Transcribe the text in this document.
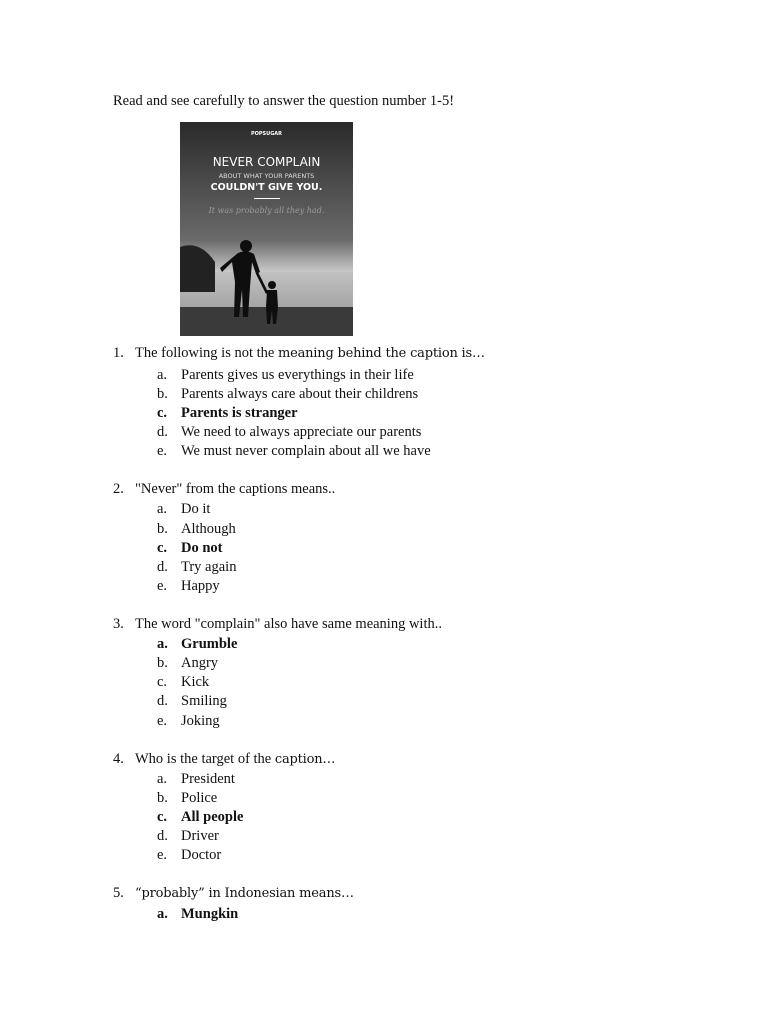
Read and see carefully to answer the question number 1-5!
POPSUGAR
NEVER COMPLAIN
ABOUT WHAT YOUR PARENTS
COULDN'T GIVE YOU.
It was probably all they had.
1. The following is not the meaning behind the caption is…
a. Parents gives us everythings in their life
b. Parents always care about their childrens
c. Parents is stranger
d. We need to always appreciate our parents
e. We must never complain about all we have
2. "Never" from the captions means..
a. Do it
b. Although
c. Do not
d. Try again
e. Happy
3. The word "complain" also have same meaning with..
a. Grumble
b. Angry
c. Kick
d. Smiling
e. Joking
4. Who is the target of the caption…
a. President
b. Police
c. All people
d. Driver
e. Doctor
5. “probably” in Indonesian means…
a. Mungkin
